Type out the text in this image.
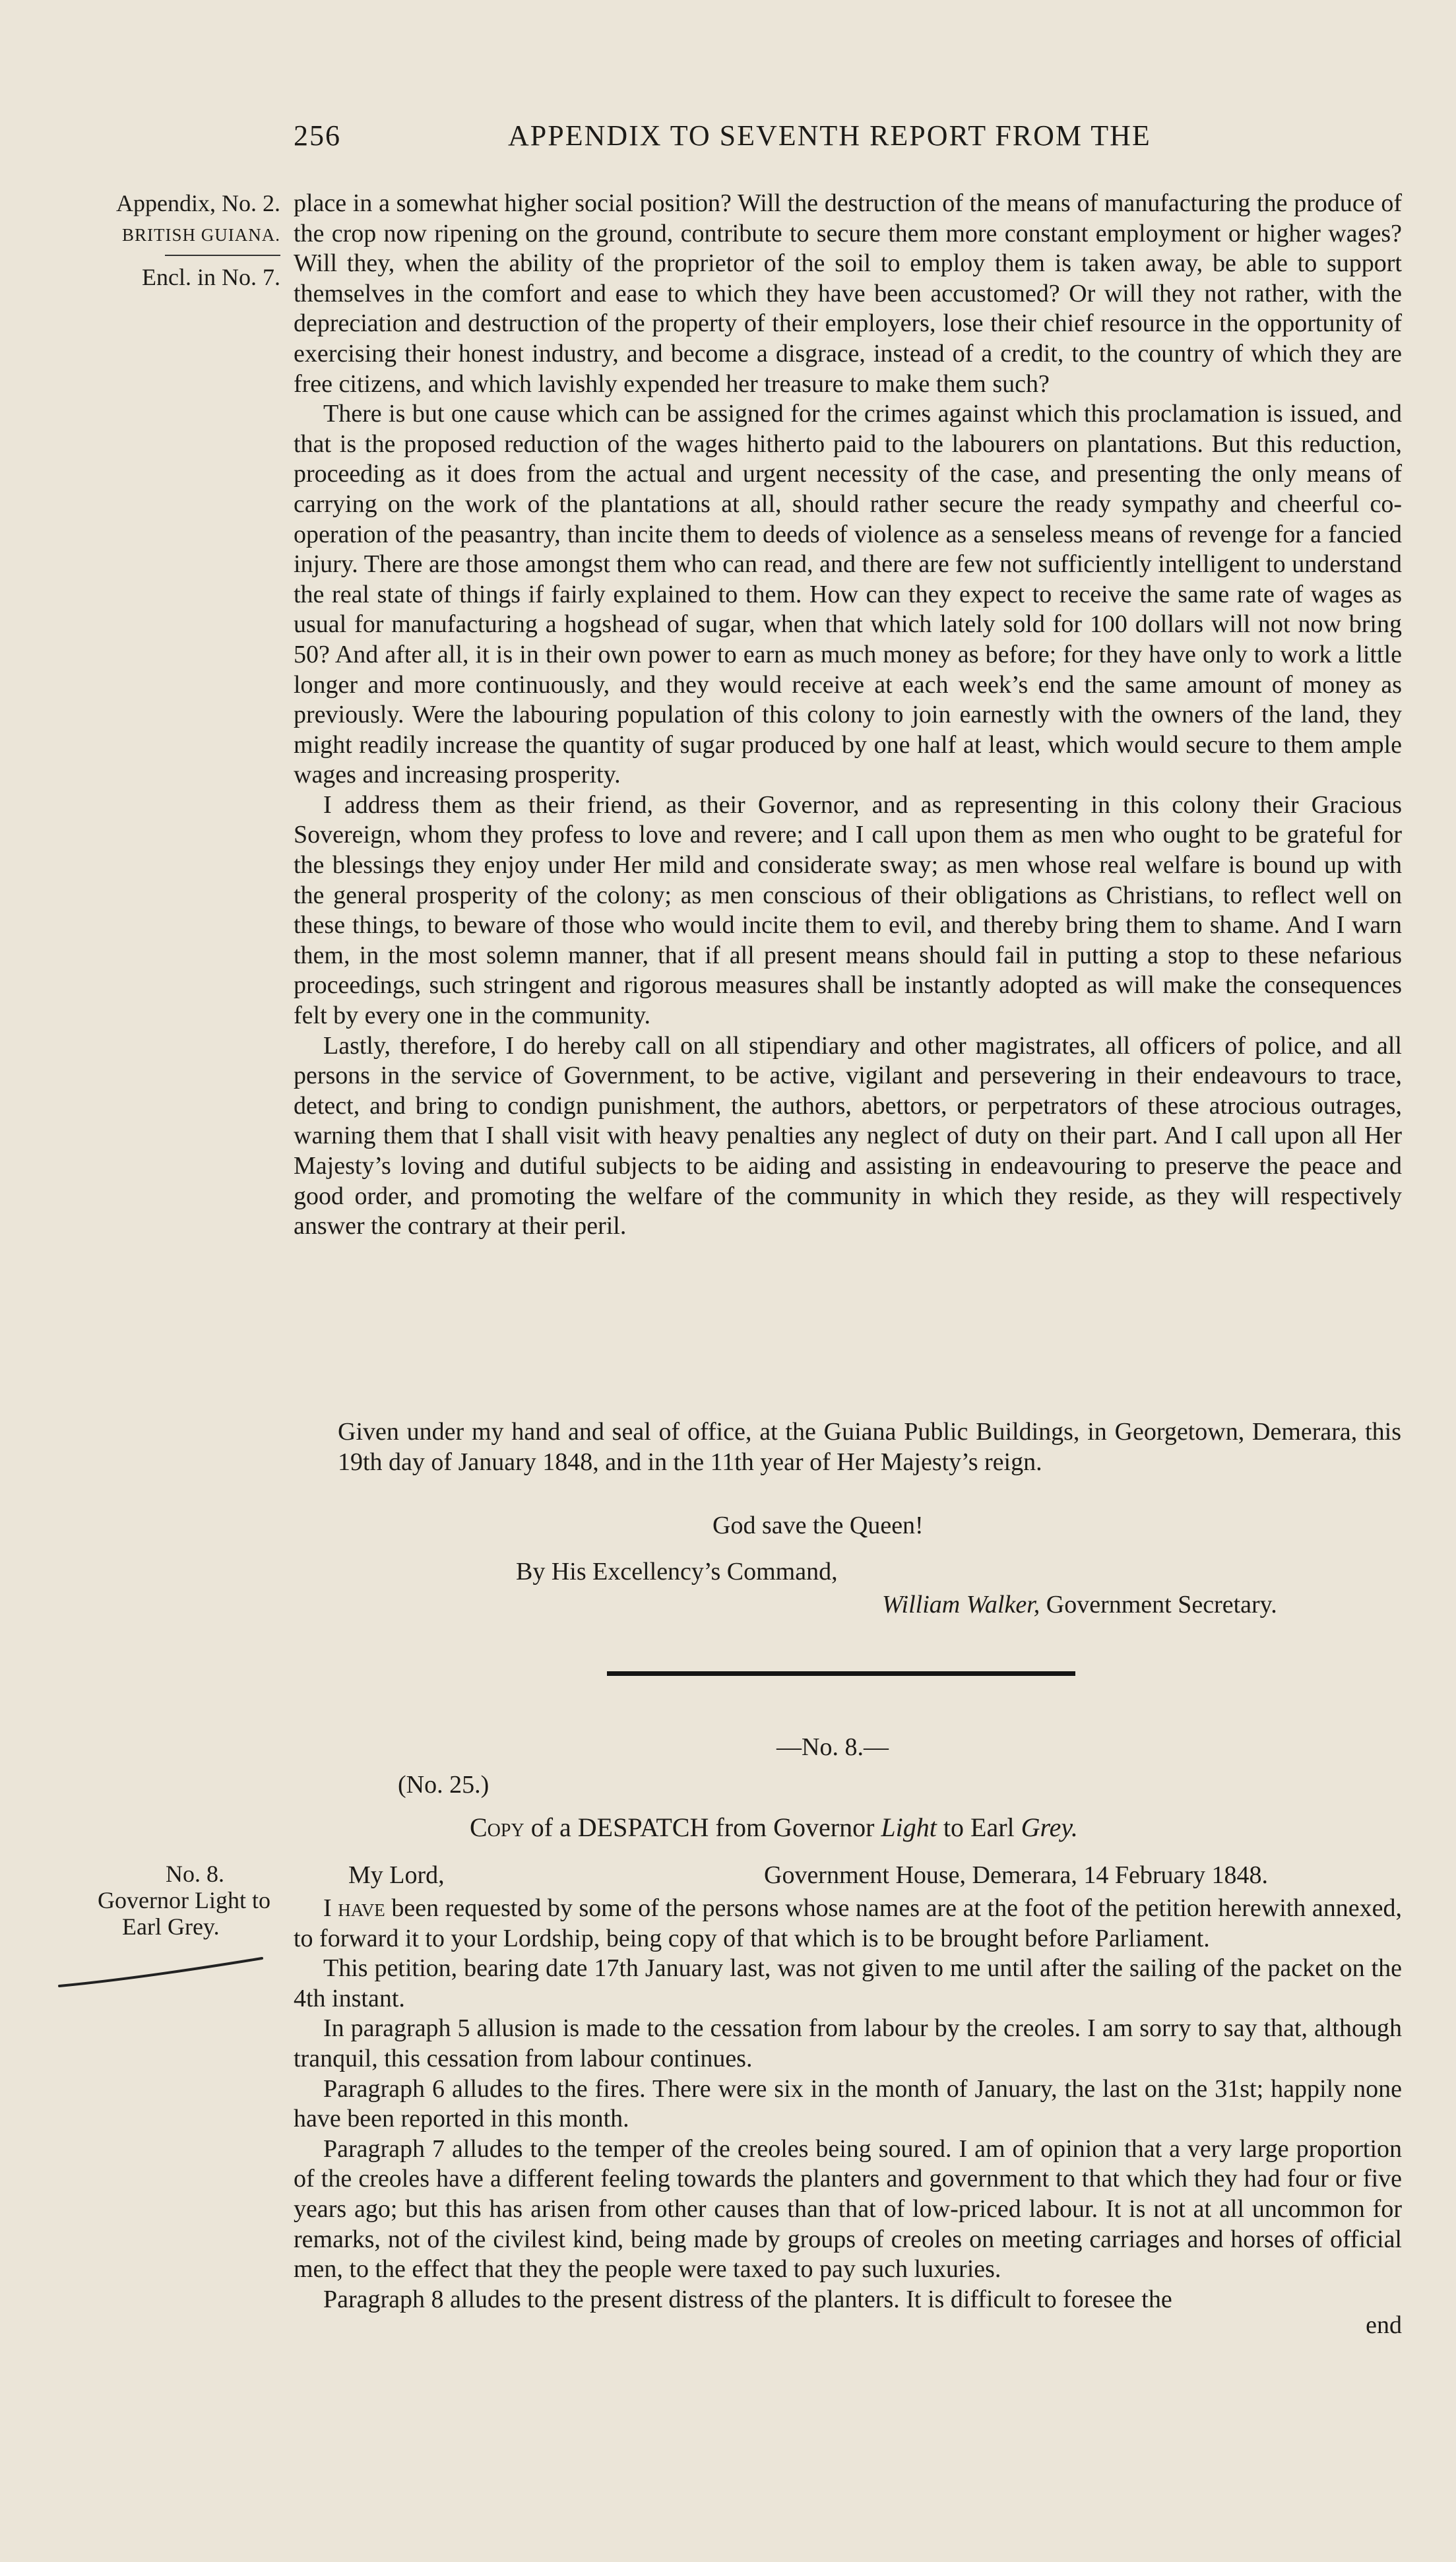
256	APPENDIX TO SEVENTH REPORT FROM THE
Appendix, No. 2.
BRITISH GUIANA.
Encl. in No. 7.

place in a somewhat higher social position? Will the destruction of the means of manufacturing the produce of the crop now ripening on the ground, contribute to secure them more constant employment or higher wages? Will they, when the ability of the proprietor of the soil to employ them is taken away, be able to support themselves in the comfort and ease to which they have been accustomed? Or will they not rather, with the depreciation and destruction of the property of their employers, lose their chief resource in the opportunity of exercising their honest industry, and become a disgrace, instead of a credit, to the country of which they are free citizens, and which lavishly expended her treasure to make them such?

There is but one cause which can be assigned for the crimes against which this proclamation is issued, and that is the proposed reduction of the wages hitherto paid to the labourers on plantations. But this reduction, proceeding as it does from the actual and urgent necessity of the case, and presenting the only means of carrying on the work of the plantations at all, should rather secure the ready sympathy and cheerful co-operation of the peasantry, than incite them to deeds of violence as a senseless means of revenge for a fancied injury. There are those amongst them who can read, and there are few not sufficiently intelligent to understand the real state of things if fairly explained to them. How can they expect to receive the same rate of wages as usual for manufacturing a hogshead of sugar, when that which lately sold for 100 dollars will not now bring 50? And after all, it is in their own power to earn as much money as before; for they have only to work a little longer and more continuously, and they would receive at each week’s end the same amount of money as previously. Were the labouring population of this colony to join earnestly with the owners of the land, they might readily increase the quantity of sugar produced by one half at least, which would secure to them ample wages and increasing prosperity.

I address them as their friend, as their Governor, and as representing in this colony their Gracious Sovereign, whom they profess to love and revere; and I call upon them as men who ought to be grateful for the blessings they enjoy under Her mild and considerate sway; as men whose real welfare is bound up with the general prosperity of the colony; as men conscious of their obligations as Christians, to reflect well on these things, to beware of those who would incite them to evil, and thereby bring them to shame. And I warn them, in the most solemn manner, that if all present means should fail in putting a stop to these nefarious proceedings, such stringent and rigorous measures shall be instantly adopted as will make the consequences felt by every one in the community.

Lastly, therefore, I do hereby call on all stipendiary and other magistrates, all officers of police, and all persons in the service of Government, to be active, vigilant and persevering in their endeavours to trace, detect, and bring to condign punishment, the authors, abettors, or perpetrators of these atrocious outrages, warning them that I shall visit with heavy penalties any neglect of duty on their part. And I call upon all Her Majesty’s loving and dutiful subjects to be aiding and assisting in endeavouring to preserve the peace and good order, and promoting the welfare of the community in which they reside, as they will respectively answer the contrary at their peril.

Given under my hand and seal of office, at the Guiana Public Buildings, in Georgetown, Demerara, this 19th day of January 1848, and in the 11th year of Her Majesty’s reign.
God save the Queen!
By His Excellency’s Command,
William Walker, Government Secretary.
—No. 8.—
(No. 25.)
Copy of a DESPATCH from Governor Light to Earl Grey.
No. 8.
Governor Light to
Earl Grey.
My Lord,	Government House, Demerara, 14 February 1848.

I have been requested by some of the persons whose names are at the foot of the petition herewith annexed, to forward it to your Lordship, being copy of that which is to be brought before Parliament.

This petition, bearing date 17th January last, was not given to me until after the sailing of the packet on the 4th instant.

In paragraph 5 allusion is made to the cessation from labour by the creoles. I am sorry to say that, although tranquil, this cessation from labour continues.

Paragraph 6 alludes to the fires. There were six in the month of January, the last on the 31st; happily none have been reported in this month.

Paragraph 7 alludes to the temper of the creoles being soured. I am of opinion that a very large proportion of the creoles have a different feeling towards the planters and government to that which they had four or five years ago; but this has arisen from other causes than that of low-priced labour. It is not at all uncommon for remarks, not of the civilest kind, being made by groups of creoles on meeting carriages and horses of official men, to the effect that they the people were taxed to pay such luxuries.

Paragraph 8 alludes to the present distress of the planters. It is difficult to foresee the

end
